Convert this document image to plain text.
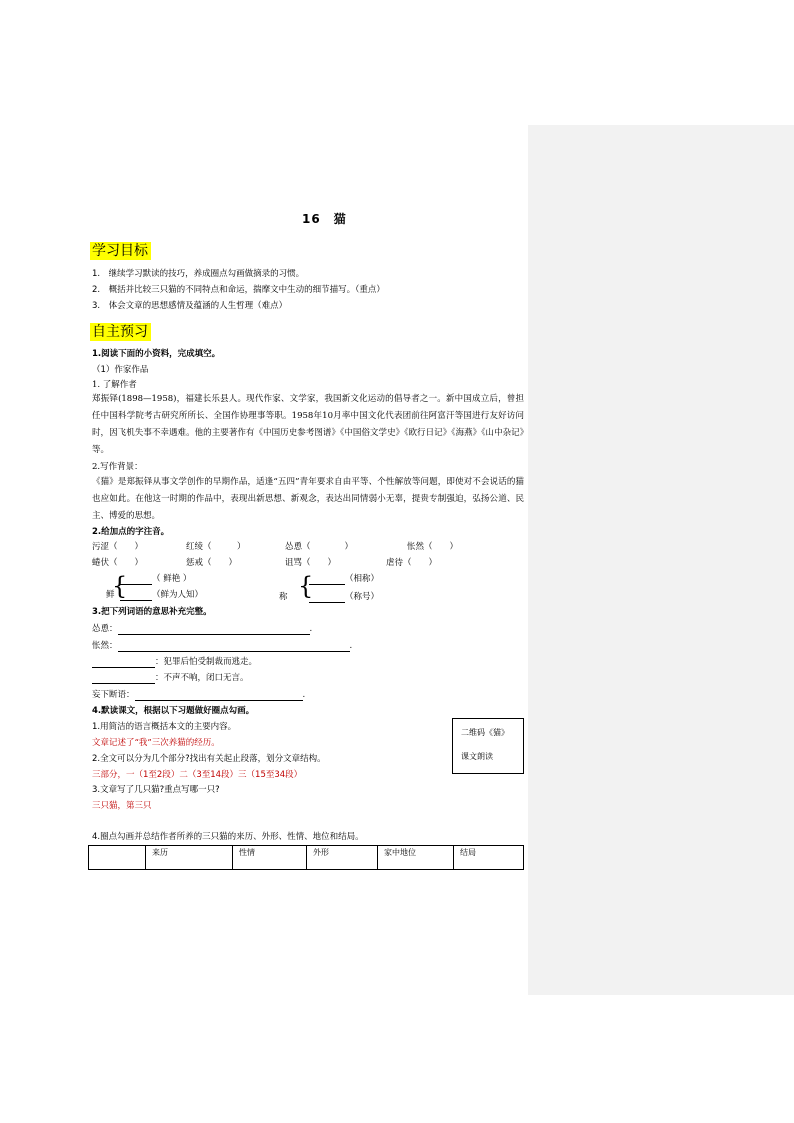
16　猫
学习目标
1.　继续学习默读的技巧，养成圈点勾画做摘录的习惯。
2.　概括并比较三只猫的不同特点和命运，揣摩文中生动的细节描写。（重点）
3.　体会文章的思想感情及蕴涵的人生哲理（难点）
自主预习
1.阅读下面的小资料，完成填空。
（1）作家作品
1. 了解作者
郑振铎(1898—1958)，福建长乐县人。现代作家、文学家，我国新文化运动的倡导者之一。新中国成立后，曾担任中国科学院考古研究所所长、全国作协理事等职。1958年10月率中国文化代表团前往阿富汗等国进行友好访问时，因飞机失事不幸遇难。他的主要著作有《中国历史参考图谱》《中国俗文学史》《欧行日记》《海燕》《山中杂记》等。
2.写作背景：
《猫》是郑振铎从事文学创作的早期作品，适逢“五四”青年要求自由平等、个性解放等问题，即使对不会说话的猫也应如此。在他这一时期的作品中，表现出新思想、新观念，表达出同情弱小无辜，提贵专制强迫，弘扬公道、民主、博爱的思想。
2.给加点的字注音。
污涩（　　）	红绫（　　　）	怂恿（　　　　）	怅然（　　）
蜷伏（　　）	惩戒（　　）	诅骂（　　）	虐待（　　）
鲜
{	（ 鲜艳 ）
（鲜为人知）	称 {	（相称）
（称号）
3.把下列词语的意思补充完整。
怂恿：	.
怅然：	.
：犯罪后怕受制裁而逃走。
：不声不响，闭口无言。
妄下断语：	.
4.默读课文，根据以下习题做好圈点勾画。
1.用简洁的语言概括本文的主要内容。
文章记述了“我”三次养猫的经历。
2.全文可以分为几个部分?找出有关起止段落，划分文章结构。
三部分，一（1至2段）二（3至14段）三（15至34段）
3.文章写了几只猫?重点写哪一只?
三只猫，第三只
二维码《猫》
课文朗读
4.圈点勾画并总结作者所养的三只猫的来历、外形、性情、地位和结局。
	来历	性情	外形	家中地位	结局
